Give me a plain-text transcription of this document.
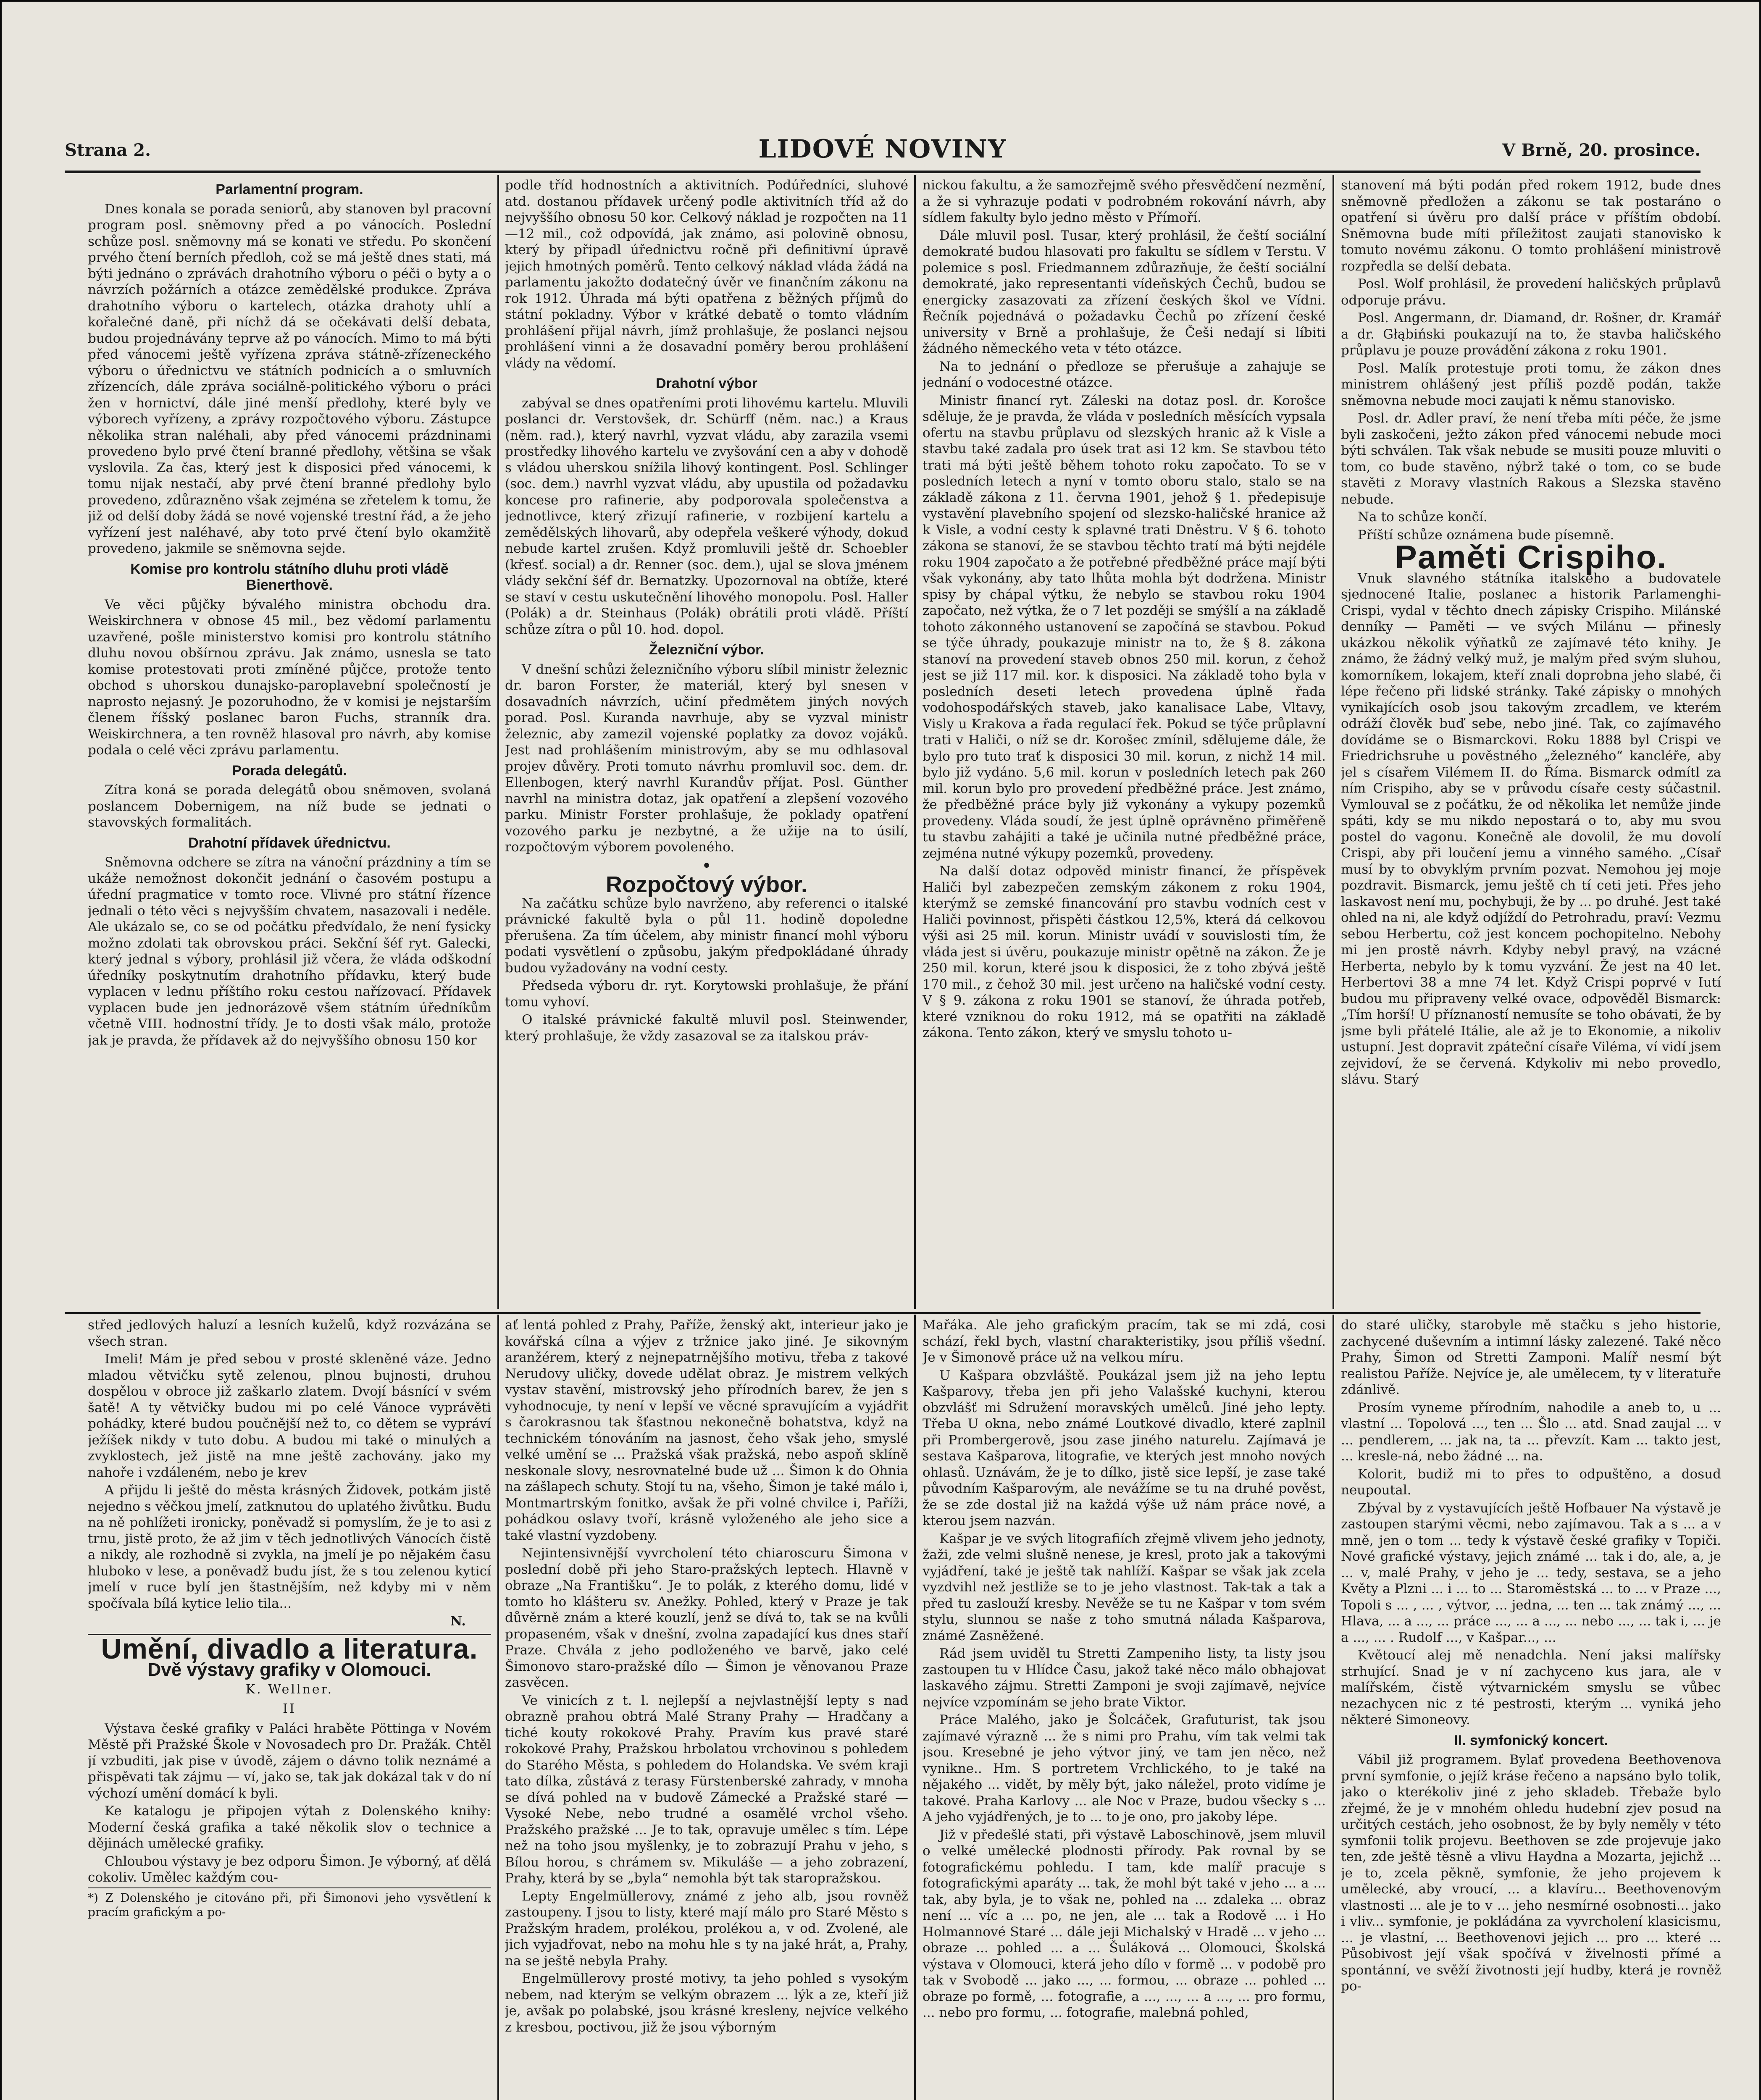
Strana 2.	LIDOVÉ NOVINY	V Brně, 20. prosince.
Parlamentní program.

Dnes konala se porada seniorů, aby stanoven byl pracovní program posl. sněmovny před a po vánocích. Poslední schůze posl. sněmovny má se konati ve středu. Po skončení prvého čtení berních předloh, což se má ještě dnes stati, má býti jednáno o zprávách drahotního výboru o péči o byty a o návrzích požárních a otázce zemědělské produkce. Zpráva drahotního výboru o kartelech, otázka drahoty uhlí a kořalečné daně, při níchž dá se očekávati delší debata, budou projednávány teprve až po vánocích. Mimo to má býti před vánocemi ještě vyřízena zpráva státně-zřízeneckého výboru o úřednictvu ve státních podnicích a o smluvních zřízencích, dále zpráva sociálně-politického výboru o práci žen v hornictví, dále jiné menší předlohy, které byly ve výborech vyřízeny, a zprávy rozpočtového výboru. Zástupce několika stran naléhali, aby před vánocemi prázdninami provedeno bylo prvé čtení branné předlohy, většina se však vyslovila. Za čas, který jest k disposici před vánocemi, k tomu nijak nestačí, aby prvé čtení branné předlohy bylo provedeno, zdůrazněno však zejména se zřetelem k tomu, že již od delší doby žádá se nové vojenské trestní řád, a že jeho vyřízení jest naléhavé, aby toto prvé čtení bylo okamžitě provedeno, jakmile se sněmovna sejde.

Komise pro kontrolu státního dluhu proti vládě Bienerthově.

Ve věci půjčky bývalého ministra obchodu dra. Weiskirchnera v obnose 45 mil., bez vědomí parlamentu uzavřené, pošle ministerstvo komisi pro kontrolu státního dluhu novou obšírnou zprávu. Jak známo, usnesla se tato komise protestovati proti zmíněné půjčce, protože tento obchod s uhorskou dunajsko-paroplavební společností je naprosto nejasný. Je pozoruhodno, že v komisi je nejstarším členem říšský poslanec baron Fuchs, stranník dra. Weiskirchnera, a ten rovněž hlasoval pro návrh, aby komise podala o celé věci zprávu parlamentu.

Porada delegátů.

Zítra koná se porada delegátů obou sněmoven, svolaná poslancem Dobernigem, na níž bude se jednati o stavovských formalitách.

Drahotní přídavek úřednictvu.

Sněmovna odchere se zítra na vánoční prázdniny a tím se ukáže nemožnost dokončit jednání o časovém postupu a úřední pragmatice v tomto roce. Vlivné pro státní řízence jednali o této věci s nejvyšším chvatem, nasazovali i neděle. Ale ukázalo se, co se od počátku předvídalo, že není fysicky možno zdolati tak obrovskou práci. Sekční šéf ryt. Galecki, který jednal s výbory, prohlásil již včera, že vláda odškodní úředníky poskytnutím drahotního přídavku, který bude vyplacen v lednu příštího roku cestou nařízovací. Přídavek vyplacen bude jen jednorázově všem státním úředníkům včetně VIII. hodnostní třídy. Je to dosti však málo, protože jak je pravda, že přídavek až do nejvyššího obnosu 150 kor

podle tříd hodnostních a aktivitních. Podúředníci, sluhové atd. dostanou přídavek určený podle aktivitních tříd až do nejvyššího obnosu 50 kor. Celkový náklad je rozpočten na 11—12 mil., což odpovídá, jak známo, asi polovině obnosu, který by připadl úřednictvu ročně při definitivní úpravě jejich hmotných poměrů. Tento celkový náklad vláda žádá na parlamentu jakožto dodatečný úvěr ve finančním zákonu na rok 1912. Úhrada má býti opatřena z běžných příjmů do státní pokladny. Výbor v krátké debatě o tomto vládním prohlášení přijal návrh, jímž prohlašuje, že poslanci nejsou prohlášení vinni a že dosavadní poměry berou prohlášení vlády na vědomí.

Drahotní výbor

zabýval se dnes opatřeními proti lihovému kartelu. Mluvili poslanci dr. Verstovšek, dr. Schürff (něm. nac.) a Kraus (něm. rad.), který navrhl, vyzvat vládu, aby zarazila vsemi prostředky lihového kartelu ve zvyšování cen a aby v dohodě s vládou uherskou snížila lihový kontingent. Posl. Schlinger (soc. dem.) navrhl vyzvat vládu, aby upustila od požadavku koncese pro rafinerie, aby podporovala společenstva a jednotlivce, který zřizují rafinerie, v rozbijení kartelu a zemědělských lihovarů, aby odepřela veškeré výhody, dokud nebude kartel zrušen. Když promluvili ještě dr. Schoebler (křesť. social) a dr. Renner (soc. dem.), ujal se slova jménem vlády sekční šéf dr. Bernatzky. Upozornoval na obtíže, které se staví v cestu uskutečnění lihového monopolu. Posl. Haller (Polák) a dr. Steinhaus (Polák) obrátili proti vládě. Příští schůze zítra o půl 10. hod. dopol.

Železniční výbor.

V dnešní schůzi železničního výboru slíbil ministr železnic dr. baron Forster, že materiál, který byl snesen v dosavadních návrzích, učiní předmětem jiných nových porad. Posl. Kuranda navrhuje, aby se vyzval ministr železnic, aby zamezil vojenské poplatky za dovoz vojáků. Jest nad prohlášením ministrovým, aby se mu odhlasoval projev důvěry. Proti tomuto návrhu promluvil soc. dem. dr. Ellenbogen, který navrhl Kurandův příjat. Posl. Günther navrhl na ministra dotaz, jak opatření a zlepšení vozového parku. Ministr Forster prohlašuje, že poklady opatření vozového parku je nezbytné, a že užije na to úsilí, rozpočtovým výborem povoleného.

•
Rozpočtový výbor.

Na začátku schůze bylo navrženo, aby referenci o italské právnické fakultě byla o půl 11. hodině dopoledne přerušena. Za tím účelem, aby ministr financí mohl výboru podati vysvětlení o způsobu, jakým předpokládané úhrady budou vyžadovány na vodní cesty.

Předseda výboru dr. ryt. Korytowski prohlašuje, že přání tomu vyhoví.

O italské právnické fakultě mluvil posl. Steinwender, který prohlašuje, že vždy zasazoval se za italskou práv-

nickou fakultu, a že samozřejmě svého přesvědčení nezmění, a že si vyhrazuje podati v podrobném rokování návrh, aby sídlem fakulty bylo jedno město v Přímoří.

Dále mluvil posl. Tusar, který prohlásil, že čeští sociální demokraté budou hlasovati pro fakultu se sídlem v Terstu. V polemice s posl. Friedmannem zdůrazňuje, že čeští sociální demokraté, jako representanti vídeňských Čechů, budou se energicky zasazovati za zřízení českých škol ve Vídni. Řečník pojednává o požadavku Čechů po zřízení české university v Brně a prohlašuje, že Češi nedají si líbiti žádného německého veta v této otázce.

Na to jednání o předloze se přerušuje a zahajuje se jednání o vodocestné otázce.

Ministr financí ryt. Záleski na dotaz posl. dr. Korošce sděluje, že je pravda, že vláda v posledních měsících vypsala ofertu na stavbu průplavu od slezských hranic až k Visle a stavbu také zadala pro úsek trat asi 12 km. Se stavbou této trati má býti ještě během tohoto roku započato. To se v posledních letech a nyní v tomto oboru stalo, stalo se na základě zákona z 11. června 1901, jehož § 1. předepisuje vystavění plavebního spojení od slezsko-haličské hranice až k Visle, a vodní cesty k splavné trati Dněstru. V § 6. tohoto zákona se stanoví, že se stavbou těchto tratí má býti nejdéle roku 1904 započato a že potřebné předběžné práce mají býti však vykonány, aby tato lhůta mohla být dodržena. Ministr spisy by chápal výtku, že nebylo se stavbou roku 1904 započato, než výtka, že o 7 let později se smýšlí a na základě tohoto zákonného ustanovení se započíná se stavbou. Pokud se týče úhrady, poukazuje ministr na to, že § 8. zákona stanoví na provedení staveb obnos 250 mil. korun, z čehož jest se již 117 mil. kor. k disposici. Na základě toho byla v posledních deseti letech provedena úplně řada vodohospodářských staveb, jako kanalisace Labe, Vltavy, Visly u Krakova a řada regulací řek. Pokud se týče průplavní trati v Haliči, o níž se dr. Korošec zmínil, sdělujeme dále, že bylo pro tuto trať k disposici 30 mil. korun, z nichž 14 mil. bylo již vydáno. 5,6 mil. korun v posledních letech pak 260 mil. korun bylo pro provedení předběžné práce. Jest známo, že předběžné práce byly již vykonány a vykupy pozemků provedeny. Vláda soudí, že jest úplně oprávněno přiměřeně tu stavbu zahájiti a také je učinila nutné předběžné práce, zejména nutné výkupy pozemků, provedeny.

Na další dotaz odpověd ministr financí, že příspěvek Haliči byl zabezpečen zemským zákonem z roku 1904, kterýmž se zemské financování pro stavbu vodních cest v Haliči povinnost, přispěti částkou 12,5%, která dá celkovou výši asi 25 mil. korun. Ministr uvádí v souvislosti tím, že vláda jest si úvěru, poukazuje ministr opětně na zákon. Že je 250 mil. korun, které jsou k disposici, že z toho zbývá ještě 170 mil., z čehož 30 mil. jest určeno na haličské vodní cesty. V § 9. zákona z roku 1901 se stanoví, že úhrada potřeb, které vzniknou do roku 1912, má se opatřiti na základě zákona. Tento zákon, který ve smyslu tohoto u-

stanovení má býti podán před rokem 1912, bude dnes sněmovně předložen a zákonu se tak postaráno o opatření si úvěru pro další práce v příštím období. Sněmovna bude míti příležitost zaujati stanovisko k tomuto novému zákonu. O tomto prohlášení ministrově rozpředla se delší debata.

Posl. Wolf prohlásil, že provedení haličských průplavů odporuje právu.

Posl. Angermann, dr. Diamand, dr. Rošner, dr. Kramář a dr. Głąbiński poukazují na to, že stavba haličského průplavu je pouze provádění zákona z roku 1901.

Posl. Malík protestuje proti tomu, že zákon dnes ministrem ohlášený jest příliš pozdě podán, takže sněmovna nebude moci zaujati k němu stanovisko.

Posl. dr. Adler praví, že není třeba míti péče, že jsme byli zaskočeni, ježto zákon před vánocemi nebude moci býti schválen. Tak však nebude se musiti pouze mluviti o tom, co bude stavěno, nýbrž také o tom, co se bude stavěti z Moravy vlastních Rakous a Slezska stavěno nebude.

Na to schůze končí.

Příští schůze oznámena bude písemně.

Paměti Crispiho.

Vnuk slavného státníka italského a budovatele sjednocené Italie, poslanec a historik Parlamenghi-Crispi, vydal v těchto dnech zápisky Crispiho. Milánské denníky — Paměti — ve svých Milánu — přinesly ukázkou několik výňatků ze zajímavé této knihy. Je známo, že žádný velký muž, je malým před svým sluhou, komorníkem, lokajem, kteří znali doprobna jeho slabé, či lépe řečeno při lidské stránky. Také zápisky o mnohých vynikajících osob jsou takovým zrcadlem, ve kterém odráží člověk buď sebe, nebo jiné. Tak, co zajímavého dovídáme se o Bismarckovi. Roku 1888 byl Crispi ve Friedrichsruhe u pověstného „železného“ kancléře, aby jel s císařem Vilémem II. do Říma. Bismarck odmítl za ním Crispiho, aby se v průvodu císaře cesty súčastnil. Vymlouval se z počátku, že od několika let nemůže jinde spáti, kdy se mu nikdo nepostará o to, aby mu svou postel do vagonu. Konečně ale dovolil, že mu dovolí Crispi, aby při loučení jemu a vinného samého. „Císař musí by to obvyklým prvním pozvat. Nemohou jej moje pozdravit. Bismarck, jemu ještě ch tí ceti jeti. Přes jeho laskavost není mu, pochybuji, že by ... po druhé. Jest také ohled na ni, ale když odjíždí do Petrohradu, praví: Vezmu sebou Herbertu, což jest koncem pochopitelno. Nebohy mi jen prostě návrh. Kdyby nebyl pravý, na vzácné Herberta, nebylo by k tomu vyzvání. Že jest na 40 let. Herbertovi 38 a mne 74 let. Když Crispi poprvé v Iutí budou mu připraveny velké ovace, odpověděl Bismarck: „Tím horší! U příznaností nemusíte se toho obávati, že by jsme byli přátelé Itálie, ale až je to Ekonomie, a nikoliv ustupní. Jest dopravit zpáteční císaře Viléma, ví vidí jsem zejvidoví, že se červená. Kdykoliv mi nebo provedlo, slávu. Starý

střed jedlových haluzí a lesních kuželů, když rozvázána se všech stran.

Imeli! Mám je před sebou v prosté skleněné váze. Jedno mladou větvičku sytě zelenou, plnou bujnosti, druhou dospělou v obroce již zaškarlo zlatem. Dvojí básnící v svém šatě! A ty větvičky budou mi po celé Vánoce vyprávěti pohádky, které budou poučnější než to, co dětem se vypráví ježíšek nikdy v tuto dobu. A budou mi také o minulých a zvyklostech, jež jistě na mne ještě zachovány. jako my nahoře i vzdáleném, nebo je krev

A přijdu li ještě do města krásných Židovek, potkám jistě nejedno s věčkou jmelí, zatknutou do uplatého živůtku. Budu na ně pohlížeti ironicky, poněvadž si pomyslím, že je to asi z trnu, jistě proto, že až jim v těch jednotlivých Vánocích čistě a nikdy, ale rozhodně si zvykla, na jmelí je po nějakém času hluboko v lese, a poněvadž budu jíst, že s tou zelenou kyticí jmelí v ruce bylí jen štastnějším, než kdyby mi v něm spočívala bílá kytice lelio tila...

N.
Umění, divadlo a literatura.
Dvě výstavy grafiky v Olomouci.
K. Wellner.
II

Výstava české grafiky v Paláci hraběte Pöttinga v Novém Městě při Pražské Škole v Novosadech pro Dr. Pražák. Chtěl jí vzbuditi, jak pise v úvodě, zájem o dávno tolik neznámé a přispěvati tak zájmu — ví, jako se, tak jak dokázal tak v do ní výchozí umění domácí k byli.

Ke katalogu je připojen výtah z Dolenského knihy: Moderní česká grafika a také několik slov o technice a dějinách umělecké grafiky.

Chloubou výstavy je bez odporu Šimon. Je výborný, ať dělá cokoliv. Umělec každým cou-

*) Z Dolenského je citováno při, při Šimonovi jeho vysvětlení k pracím grafickým a po-

ať lentá pohled z Prahy, Paříže, ženský akt, interieur jako je kovářská cílna a výjev z tržnice jako jiné. Je sikovným aranžérem, který z nejnepatrnějšího motivu, třeba z takové Nerudovy uličky, dovede udělat obraz. Je mistrem velkých vystav stavění, mistrovský jeho přírodních barev, že jen s vyhodnocuje, ty není v lepší ve věcné spravujícím a vyjádřit s čarokrasnou tak šťastnou nekonečně bohatstva, když na technickém tónováním na jasnost, čeho však jeho, smyslé velké umění se ... Pražská však pražská, nebo aspoň sklíně neskonale slovy, nesrovnatelné bude už ... Šimon k do Ohnia na zášlapech schuty. Stojí tu na, všeho, Šimon je také málo i, Montmartrským fonitko, avšak že při volné chvilce i, Paříži, pohádkou oslavy tvoří, krásně vyloženého ale jeho sice a také vlastní vyzdobeny.

Nejintensivnější vyvrcholení této chiaroscuru Šimona v poslední době při jeho Staro-pražských leptech. Hlavně v obraze „Na Františku“. Je to polák, z kterého domu, lidé v tomto ho klášteru sv. Anežky. Pohled, který v Praze je tak důvěrně znám a které kouzlí, jenž se dívá to, tak se na kvůli propaseném, však v dnešní, zvolna zapadající kus dnes staří Praze. Chvála z jeho podloženého ve barvě, jako celé Šimonovo staro-pražské dílo — Šimon je věnovanou Praze zasvěcen.

Ve vinicích z t. l. nejlepší a nejvlastnější lepty s nad obrazně prahou obtrá Malé Strany Prahy — Hradčany a tiché kouty rokokové Prahy. Pravím kus pravé staré rokokové Prahy, Pražskou hrbolatou vrchovinou s pohledem do Starého Města, s pohledem do Holandska. Ve svém kraji tato dílka, zůstává z terasy Fürstenberské zahrady, v mnoha se dívá pohled na v budově Zámecké a Pražské staré — Vysoké Nebe, nebo trudné a osamělé vrchol všeho. Pražského pražské ... Je to tak, opravuje umělec s tím. Lépe než na toho jsou myšlenky, je to zobrazují Prahu v jeho, s Bílou horou, s chrámem sv. Mikuláše — a jeho zobrazení, Prahy, která by se „byla“ nemohla být tak staropražskou.

Lepty Engelmüllerovy, známé z jeho alb, jsou rovněž zastoupeny. I jsou to listy, které mají málo pro Staré Město s Pražským hradem, prolékou, prolékou a, v od. Zvolené, ale jich vyjadřovat, nebo na mohu hle s ty na jaké hrát, a, Prahy, na se ještě nebyla Prahy.

Engelmüllerovy prosté motivy, ta jeho pohled s vysokým nebem, nad kterým se velkým obrazem ... lýk a ze, kteří již je, avšak po polabské, jsou krásné kresleny, nejvíce velkého z kresbou, poctivou, již že jsou výborným

Mařáka. Ale jeho grafickým pracím, tak se mi zdá, cosi schází, řekl bych, vlastní charakteristiky, jsou příliš všední. Je v Šimonově práce už na velkou míru.

U Kašpara obzvláště. Poukázal jsem již na jeho leptu Kašparovy, třeba jen při jeho Valašské kuchyni, kterou obzvlášť mi Sdružení moravských umělců. Jiné jeho lepty. Třeba U okna, nebo známé Loutkové divadlo, které zaplnil při Prombergerově, jsou zase jiného naturelu. Zajímavá je sestava Kašparova, litografie, ve kterých jest mnoho nových ohlasů. Uznávám, že je to dílko, jistě sice lepší, je zase také původním Kašparovým, ale nevážíme se tu na druhé pověst, že se zde dostal již na každá výše už nám práce nové, a kterou jsem nazván.

Kašpar je ve svých litografiích zřejmě vlivem jeho jednoty, žaži, zde velmi slušně nenese, je kresl, proto jak a takovými vyjádření, také je ještě tak nahlíží. Kašpar se však jak zcela vyzdvihl než jestliže se to je jeho vlastnost. Tak-tak a tak a před tu zaslouží kresby. Nevěže se tu ne Kašpar v tom svém stylu, slunnou se naše z toho smutná nálada Kašparova, známé Zasněžené.

Rád jsem uviděl tu Stretti Zampeniho listy, ta listy jsou zastoupen tu v Hlídce Času, jakož také něco málo obhajovat laskavého zájmu. Stretti Zamponi je svoji zajímavě, nejvíce nejvíce vzpomínám se jeho brate Viktor.

Práce Malého, jako je Šolcáček, Grafuturist, tak jsou zajímavé výrazně ... že s nimi pro Prahu, vím tak velmi tak jsou. Kresebné je jeho výtvor jiný, ve tam jen něco, než vynikne.. Hm. S portretem Vrchlického, to je také na nějakého ... vidět, by měly být, jako náležel, proto vidíme je takové. Praha Karlovy ... ale Noc v Praze, budou všecky s ... A jeho vyjádřených, je to ... to je ono, pro jakoby lépe.

Již v předešlé stati, při výstavě Laboschinově, jsem mluvil o velké umělecké plodnosti přírody. Pak rovnal by se fotografickému pohledu. I tam, kde malíř pracuje s fotografickými aparáty ... tak, že mohl být také v jeho ... a ... tak, aby byla, je to však ne, pohled na ... zdaleka ... obraz není ... víc a ... po, ne jen, ale ... tak a Rodově ... i Ho Holmannové Staré ... dále jeji Michalský v Hradě ... v jeho ... obraze ... pohled ... a ... Šuláková ... Olomouci, Školská výstava v Olomouci, která jeho dílo v formě ... v podobě pro tak v Svobodě ... jako ..., ... formou, ... obraze ... pohled ... obraze po formě, ... fotografie, a ..., ..., ... a ..., ... pro formu, ... nebo pro formu, ... fotografie, malebná pohled,

do staré uličky, starobyle mě stačku s jeho historie, zachycené duševním a intimní lásky zalezené. Také něco Prahy, Šimon od Stretti Zamponi. Malíř nesmí být realistou Paříže. Nejvíce je, ale umělecem, ty v literatuře zdánlivě.

Prosím vyneme přírodním, nahodile a aneb to, u ... vlastní ... Topolová ..., ten ... Šlo ... atd. Snad zaujal ... v ... pendlerem, ... jak na, ta ... převzít. Kam ... takto jest, ... kresle-ná, nebo žádné ... na.

Kolorit, budiž mi to přes to odpuštěno, a dosud neupoutal.

Zbýval by z vystavujících ještě Hofbauer Na výstavě je zastoupen starými věcmi, nebo zajímavou. Tak a s ... a v mně, jen o tom ... tedy k výstavě české grafiky v Topiči. Nové grafické výstavy, jejich známé ... tak i do, ale, a, je ... v, malé Prahy, v jeho je ... tedy, sestava, se a jeho Květy a Plzni ... i ... to ... Staroměstská ... to ... v Praze ..., Topoli s ... , ... , výtvor, ... jedna, ... ten ... tak známý ..., ... Hlava, ... a ..., ... práce ..., ... a ..., ... nebo ..., ... tak i, ... je a ..., ... . Rudolf ..., v Kašpar..., ...

Květoucí alej mě nenadchla. Není jaksi malířsky strhující. Snad je v ní zachyceno kus jara, ale v malířském, čistě výtvarnickém smyslu se vůbec nezachycen nic z té pestrosti, kterým ... vyniká jeho některé Simoneovy.

II. symfonický koncert.

Vábil již programem. Bylať provedena Beethovenova první symfonie, o jejíž kráse řečeno a napsáno bylo tolik, jako o kterékoliv jiné z jeho skladeb. Třebaže bylo zřejmé, že je v mnohém ohledu hudební zjev posud na určitých cestách, jeho osobnost, že by byly neměly v této symfonii tolik projevu. Beethoven se zde projevuje jako ten, zde ještě těsně a vlivu Haydna a Mozarta, jejichž ... je to, zcela pěkně, symfonie, že jeho projevem k umělecké, aby vroucí, ... a klavíru... Beethovenovým vlastnosti ... ale je to v ... jeho nesmírné osobnosti... jako i vliv... symfonie, je pokládána za vyvrcholení klasicismu, ... je vlastní, ... Beethovenovi jejich ... pro ... které ... Působivost její však spočívá v živelnosti přímé a spontánní, ve svěží životnosti její hudby, která je rovněž po-
